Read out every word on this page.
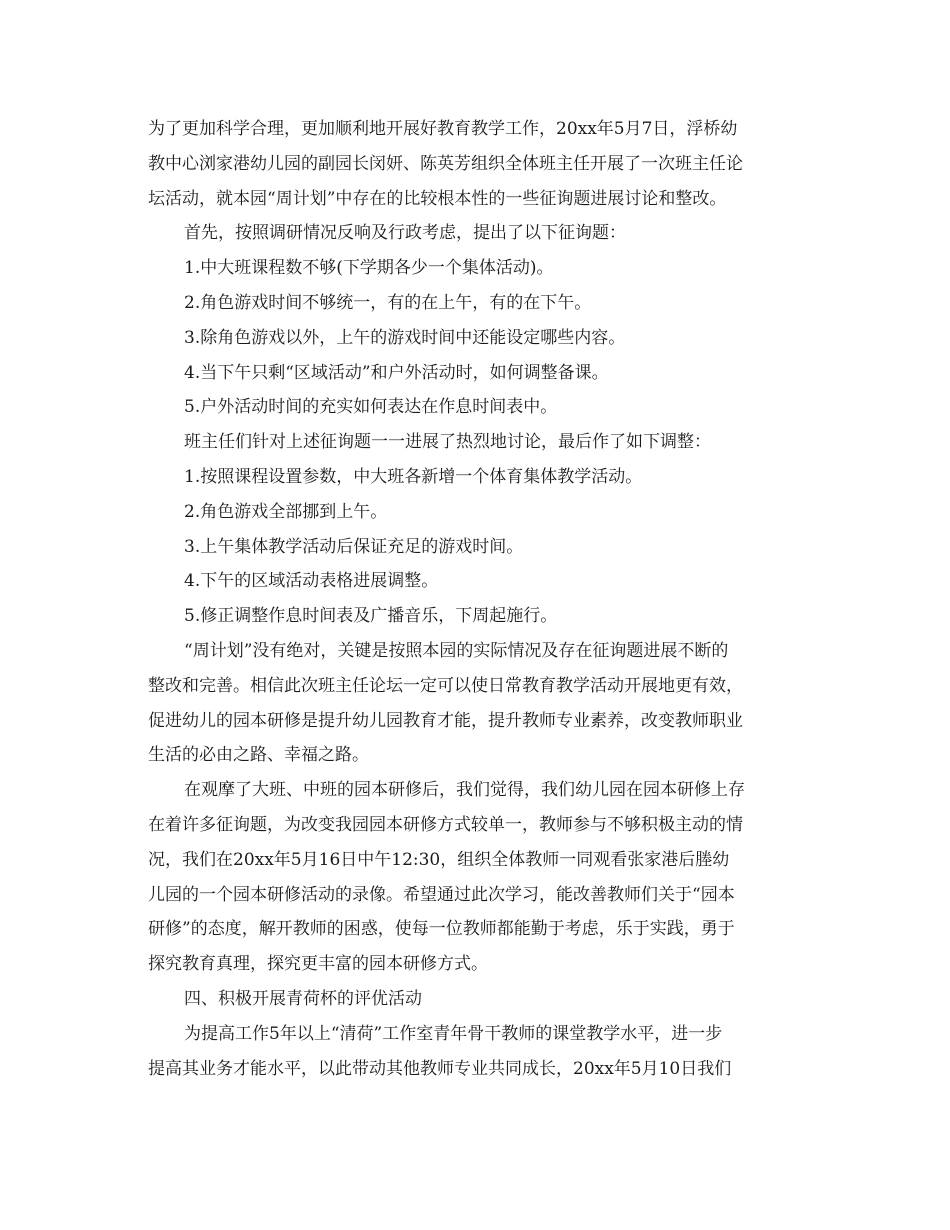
为了更加科学合理，更加顺利地开展好教育教学工作，20xx年5月7日，浮桥幼
教中心浏家港幼儿园的副园长闵妍、陈英芳组织全体班主任开展了一次班主任论
坛活动，就本园“周计划”中存在的比较根本性的一些征询题进展讨论和整改。
首先，按照调研情况反响及行政考虑，提出了以下征询题：
1.中大班课程数不够(下学期各少一个集体活动)。
2.角色游戏时间不够统一，有的在上午，有的在下午。
3.除角色游戏以外，上午的游戏时间中还能设定哪些内容。
4.当下午只剩“区域活动”和户外活动时，如何调整备课。
5.户外活动时间的充实如何表达在作息时间表中。
班主任们针对上述征询题一一进展了热烈地讨论，最后作了如下调整：
1.按照课程设置参数，中大班各新增一个体育集体教学活动。
2.角色游戏全部挪到上午。
3.上午集体教学活动后保证充足的游戏时间。
4.下午的区域活动表格进展调整。
5.修正调整作息时间表及广播音乐，下周起施行。
“周计划”没有绝对，关键是按照本园的实际情况及存在征询题进展不断的
整改和完善。相信此次班主任论坛一定可以使日常教育教学活动开展地更有效，
促进幼儿的园本研修是提升幼儿园教育才能，提升教师专业素养，改变教师职业
生活的必由之路、幸福之路。
在观摩了大班、中班的园本研修后，我们觉得，我们幼儿园在园本研修上存
在着许多征询题，为改变我园园本研修方式较单一，教师参与不够积极主动的情
况，我们在20xx年5月16日中午12:30，组织全体教师一同观看张家港后塍幼
儿园的一个园本研修活动的录像。希望通过此次学习，能改善教师们关于“园本
研修”的态度，解开教师的困惑，使每一位教师都能勤于考虑，乐于实践，勇于
探究教育真理，探究更丰富的园本研修方式。
四、积极开展青荷杯的评优活动
为提高工作5年以上“清荷”工作室青年骨干教师的课堂教学水平，进一步
提高其业务才能水平，以此带动其他教师专业共同成长，20xx年5月10日我们
